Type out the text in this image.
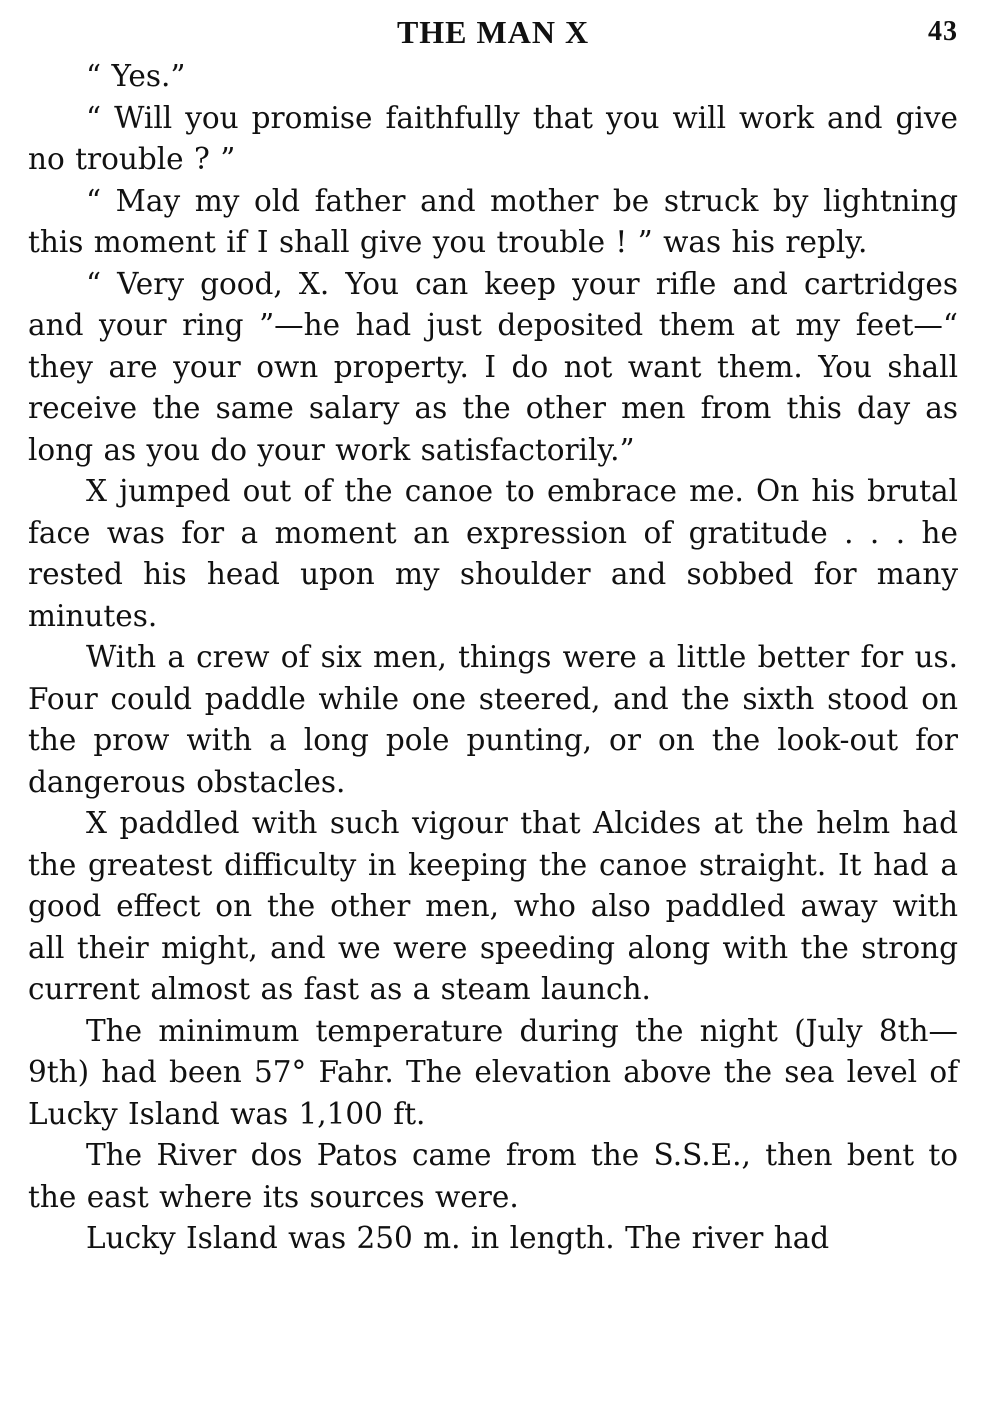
THE MAN X	43

“ Yes.”

“ Will you promise faithfully that you will work and give no trouble ? ”

“ May my old father and mother be struck by lightning this moment if I shall give you trouble ! ” was his reply.

“ Very good, X. You can keep your rifle and cartridges and your ring ”—he had just deposited them at my feet—“ they are your own property. I do not want them. You shall receive the same salary as the other men from this day as long as you do your work satisfactorily.”

X jumped out of the canoe to embrace me. On his brutal face was for a moment an expression of gratitude . . . he rested his head upon my shoulder and sobbed for many minutes.

With a crew of six men, things were a little better for us. Four could paddle while one steered, and the sixth stood on the prow with a long pole punting, or on the look-out for dangerous obstacles.

X paddled with such vigour that Alcides at the helm had the greatest difficulty in keeping the canoe straight. It had a good effect on the other men, who also paddled away with all their might, and we were speeding along with the strong current almost as fast as a steam launch.

The minimum temperature during the night (July 8th—9th) had been 57° Fahr. The elevation above the sea level of Lucky Island was 1,100 ft.

The River dos Patos came from the S.S.E., then bent to the east where its sources were.

Lucky Island was 250 m. in length. The river had
